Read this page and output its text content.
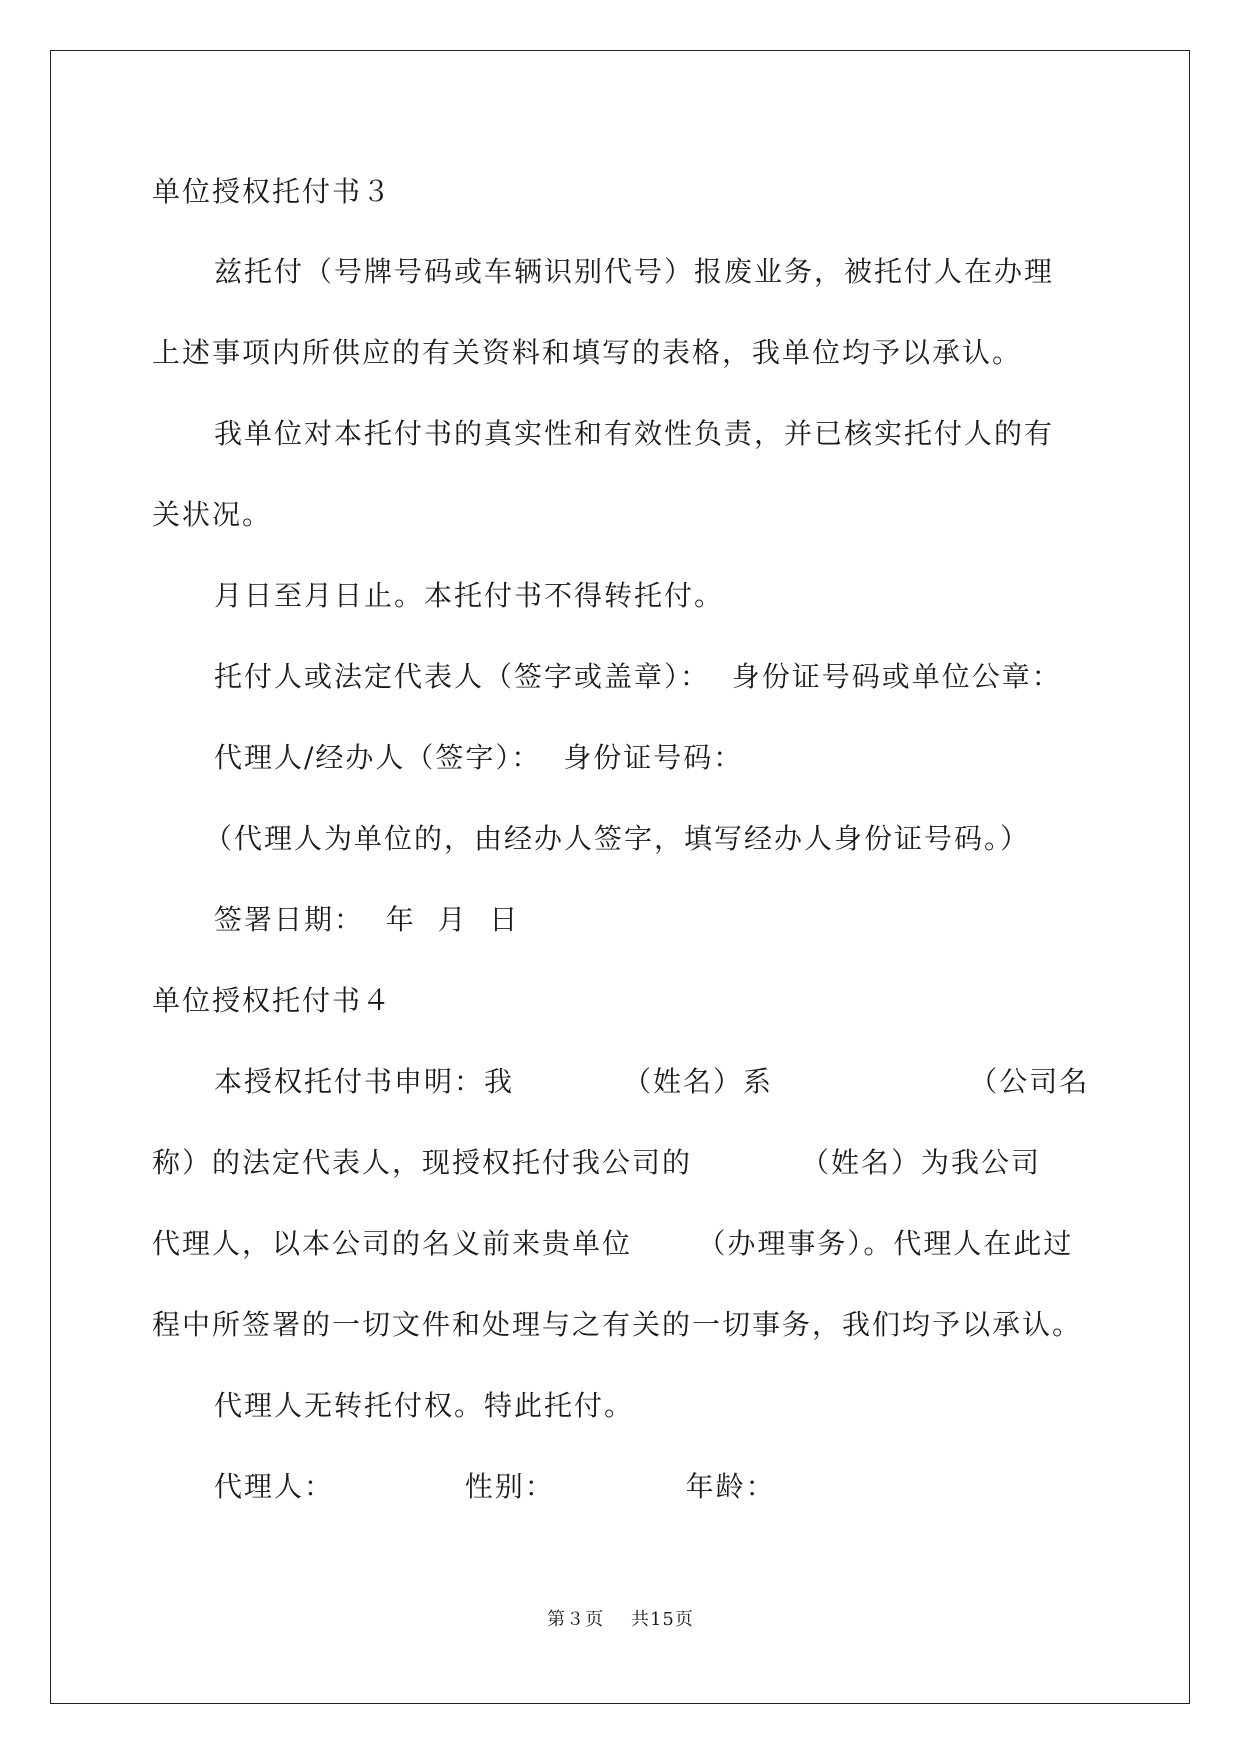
单位授权托付书３
兹托付（号牌号码或车辆识别代号）报废业务，被托付人在办理
上述事项内所供应的有关资料和填写的表格，我单位均予以承认。
我单位对本托付书的真实性和有效性负责，并已核实托付人的有
关状况。
月日至月日止。本托付书不得转托付。
托付人或法定代表人（签字或盖章）：  身份证号码或单位公章：
代理人/经办人（签字）：  身份证号码：
（代理人为单位的，由经办人签字，填写经办人身份证号码。）
签署日期：  年  月  日
单位授权托付书４
本授权托付书申明：我          （姓名）系                  （公司名
称）的法定代表人，现授权托付我公司的          （姓名）为我公司
代理人，以本公司的名义前来贵单位      （办理事务）。代理人在此过
程中所签署的一切文件和处理与之有关的一切事务，我们均予以承认。
代理人无转托付权。特此托付。
代理人：            性别：            年龄：
第３页 共15页
